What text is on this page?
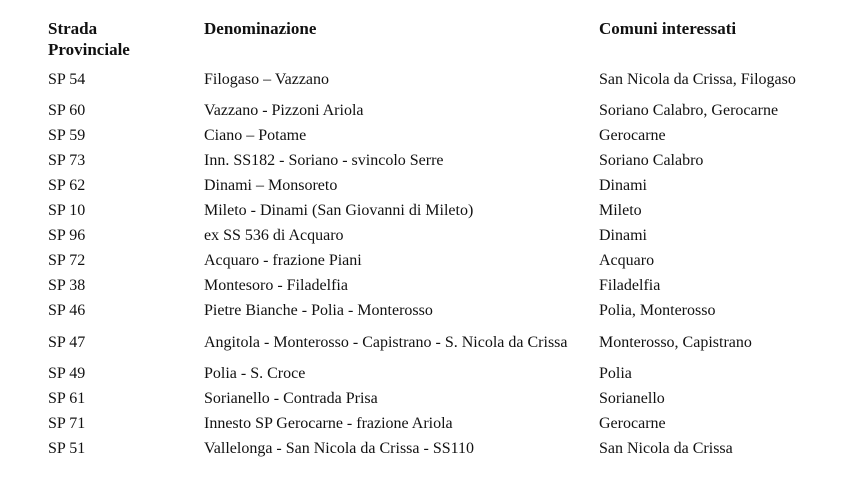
Strada
Provinciale	Denominazione	Comuni interessati
SP 54	Filogaso – Vazzano	San Nicola da Crissa, Filogaso
SP 60	Vazzano - Pizzoni Ariola	Soriano Calabro, Gerocarne
SP 59	Ciano – Potame	Gerocarne
SP 73	Inn. SS182 - Soriano - svincolo Serre	Soriano Calabro
SP 62	Dinami – Monsoreto	Dinami
SP 10	Mileto - Dinami (San Giovanni di Mileto)	Mileto
SP 96	ex SS 536 di Acquaro	Dinami
SP 72	Acquaro - frazione Piani	Acquaro
SP 38	Montesoro - Filadelfia	Filadelfia
SP 46	Pietre Bianche - Polia - Monterosso	Polia, Monterosso
SP 47	Angitola - Monterosso - Capistrano - S. Nicola da Crissa	Monterosso, Capistrano
SP 49	Polia - S. Croce	Polia
SP 61	Sorianello - Contrada Prisa	Sorianello
SP 71	Innesto SP Gerocarne - frazione Ariola	Gerocarne
SP 51	Vallelonga - San Nicola da Crissa - SS110	San Nicola da Crissa
